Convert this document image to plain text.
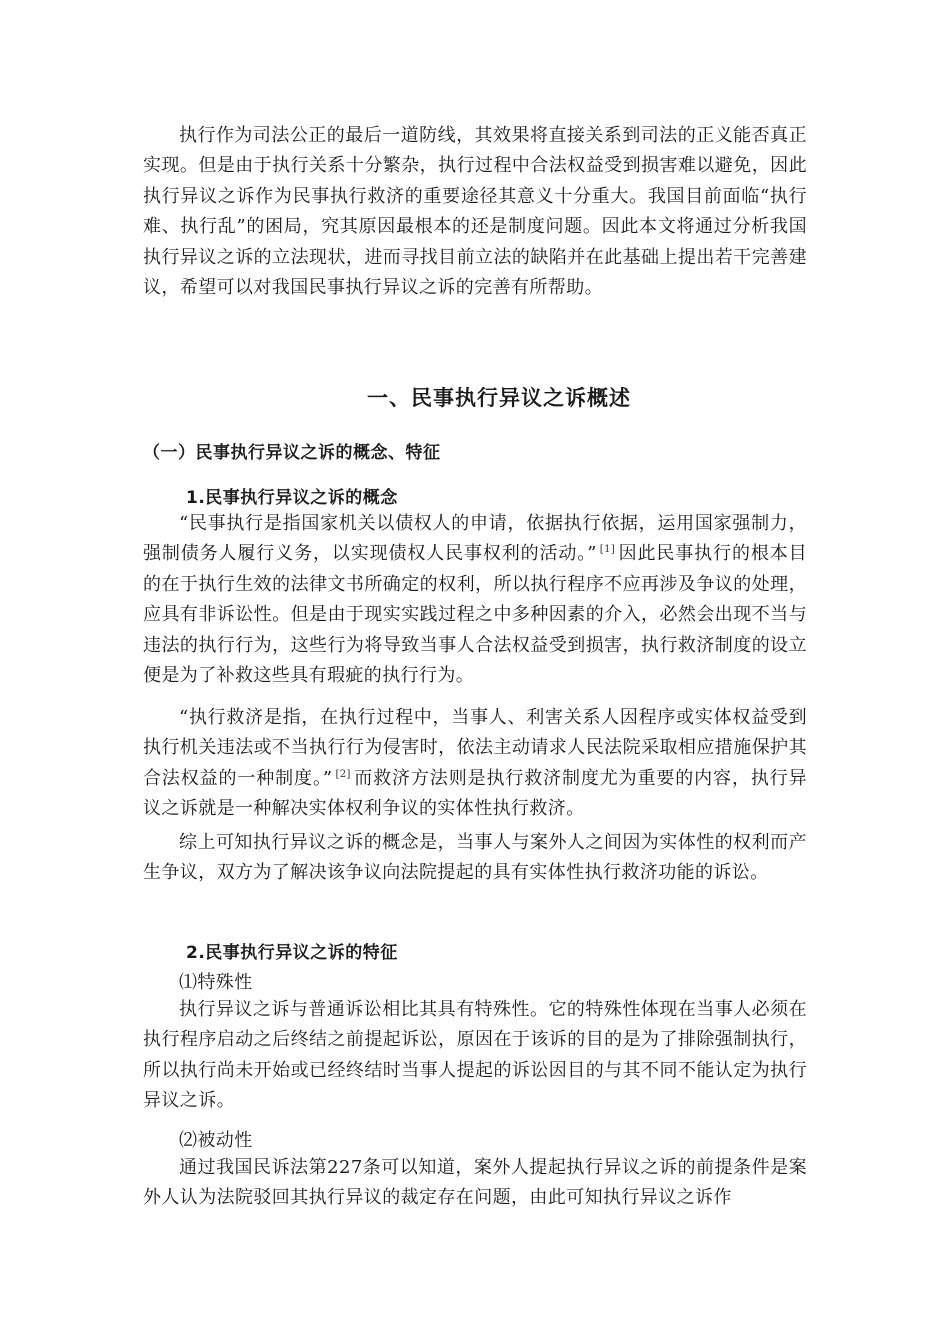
执行作为司法公正的最后一道防线，其效果将直接关系到司法的正义能否真正实现。但是由于执行关系十分繁杂，执行过程中合法权益受到损害难以避免，因此执行异议之诉作为民事执行救济的重要途径其意义十分重大。我国目前面临“执行难、执行乱”的困局，究其原因最根本的还是制度问题。因此本文将通过分析我国执行异议之诉的立法现状，进而寻找目前立法的缺陷并在此基础上提出若干完善建议，希望可以对我国民事执行异议之诉的完善有所帮助。

一、民事执行异议之诉概述
（一）民事执行异议之诉的概念、特征
1.民事执行异议之诉的概念

“民事执行是指国家机关以债权人的申请，依据执行依据，运用国家强制力，强制债务人履行义务，以实现债权人民事权利的活动。” [1] 因此民事执行的根本目的在于执行生效的法律文书所确定的权利，所以执行程序不应再涉及争议的处理，应具有非诉讼性。但是由于现实实践过程之中多种因素的介入，必然会出现不当与违法的执行行为，这些行为将导致当事人合法权益受到损害，执行救济制度的设立便是为了补救这些具有瑕疵的执行行为。

“执行救济是指，在执行过程中，当事人、利害关系人因程序或实体权益受到执行机关违法或不当执行行为侵害时，依法主动请求人民法院采取相应措施保护其合法权益的一种制度。” [2] 而救济方法则是执行救济制度尤为重要的内容，执行异议之诉就是一种解决实体权利争议的实体性执行救济。

综上可知执行异议之诉的概念是，当事人与案外人之间因为实体性的权利而产生争议，双方为了解决该争议向法院提起的具有实体性执行救济功能的诉讼。

2.民事执行异议之诉的特征

⑴特殊性

执行异议之诉与普通诉讼相比其具有特殊性。它的特殊性体现在当事人必须在执行程序启动之后终结之前提起诉讼，原因在于该诉的目的是为了排除强制执行，所以执行尚未开始或已经终结时当事人提起的诉讼因目的与其不同不能认定为执行异议之诉。

⑵被动性

通过我国民诉法第227条可以知道，案外人提起执行异议之诉的前提条件是案外人认为法院驳回其执行异议的裁定存在问题，由此可知执行异议之诉作
